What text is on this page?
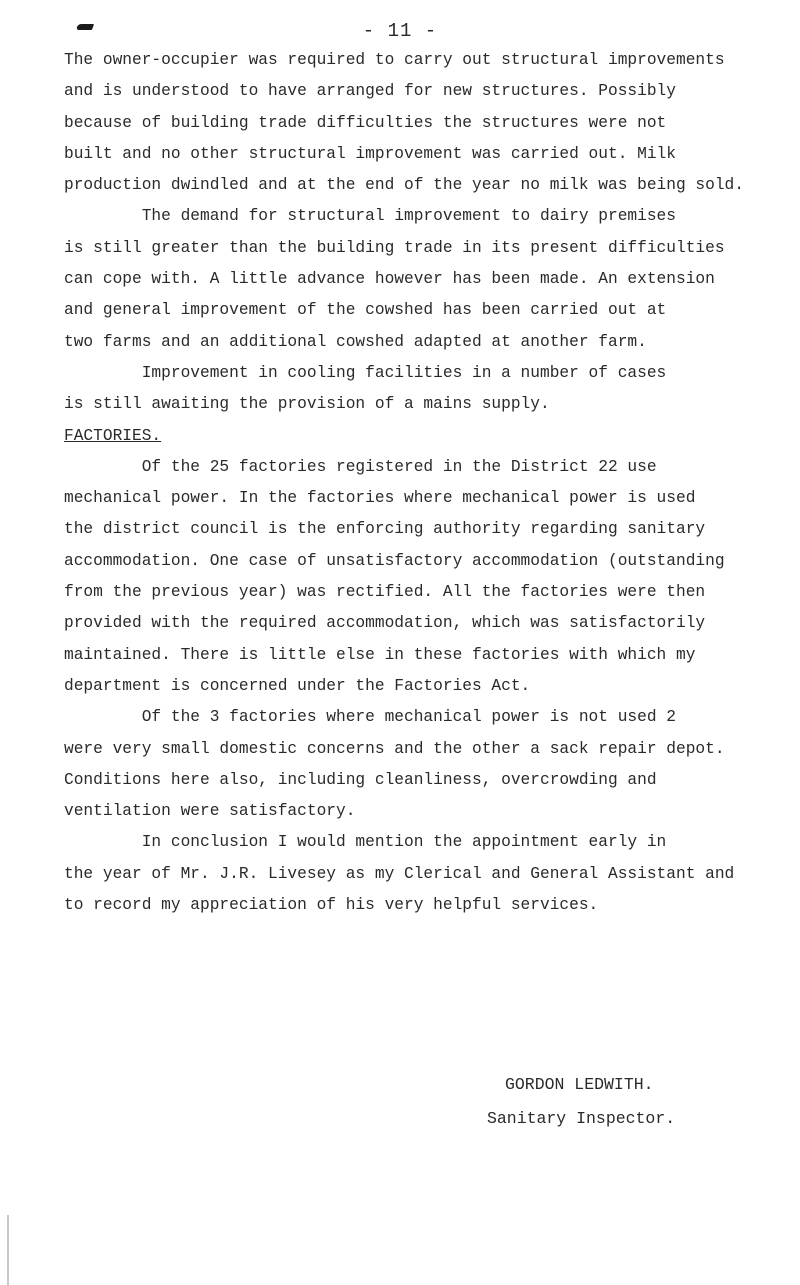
- 11 -
The owner-occupier was required to carry out structural improvements
and is understood to have arranged for new structures. Possibly
because of building trade difficulties the structures were not
built and no other structural improvement was carried out. Milk
production dwindled and at the end of the year no milk was being sold.
The demand for structural improvement to dairy premises
is still greater than the building trade in its present difficulties
can cope with. A little advance however has been made. An extension
and general improvement of the cowshed has been carried out at
two farms and an additional cowshed adapted at another farm.
Improvement in cooling facilities in a number of cases
is still awaiting the provision of a mains supply.
FACTORIES.
Of the 25 factories registered in the District 22 use
mechanical power. In the factories where mechanical power is used
the district council is the enforcing authority regarding sanitary
accommodation. One case of unsatisfactory accommodation (outstanding
from the previous year) was rectified. All the factories were then
provided with the required accommodation, which was satisfactorily
maintained. There is little else in these factories with which my
department is concerned under the Factories Act.
Of the 3 factories where mechanical power is not used 2
were very small domestic concerns and the other a sack repair depot.
Conditions here also, including cleanliness, overcrowding and
ventilation were satisfactory.
In conclusion I would mention the appointment early in
the year of Mr. J.R. Livesey as my Clerical and General Assistant and
to record my appreciation of his very helpful services.
GORDON LEDWITH.
Sanitary Inspector.
